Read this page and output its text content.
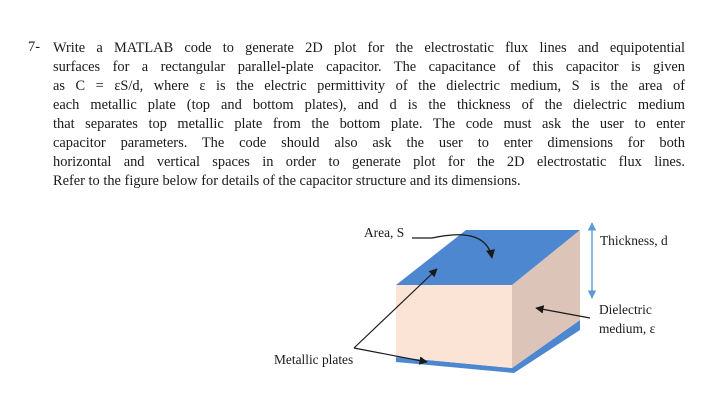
7- Write a MATLAB code to generate 2D plot for the electrostatic flux lines and equipotential
surfaces for a rectangular parallel-plate capacitor. The capacitance of this capacitor is given
as C = εS/d, where ε is the electric permittivity of the dielectric medium, S is the area of
each metallic plate (top and bottom plates), and d is the thickness of the dielectric medium
that separates top metallic plate from the bottom plate. The code must ask the user to enter
capacitor parameters. The code should also ask the user to enter dimensions for both
horizontal and vertical spaces in order to generate plot for the 2D electrostatic flux lines.
Refer to the figure below for details of the capacitor structure and its dimensions.
Area, S
Thickness, d
Dielectric
medium, ε
Metallic plates
